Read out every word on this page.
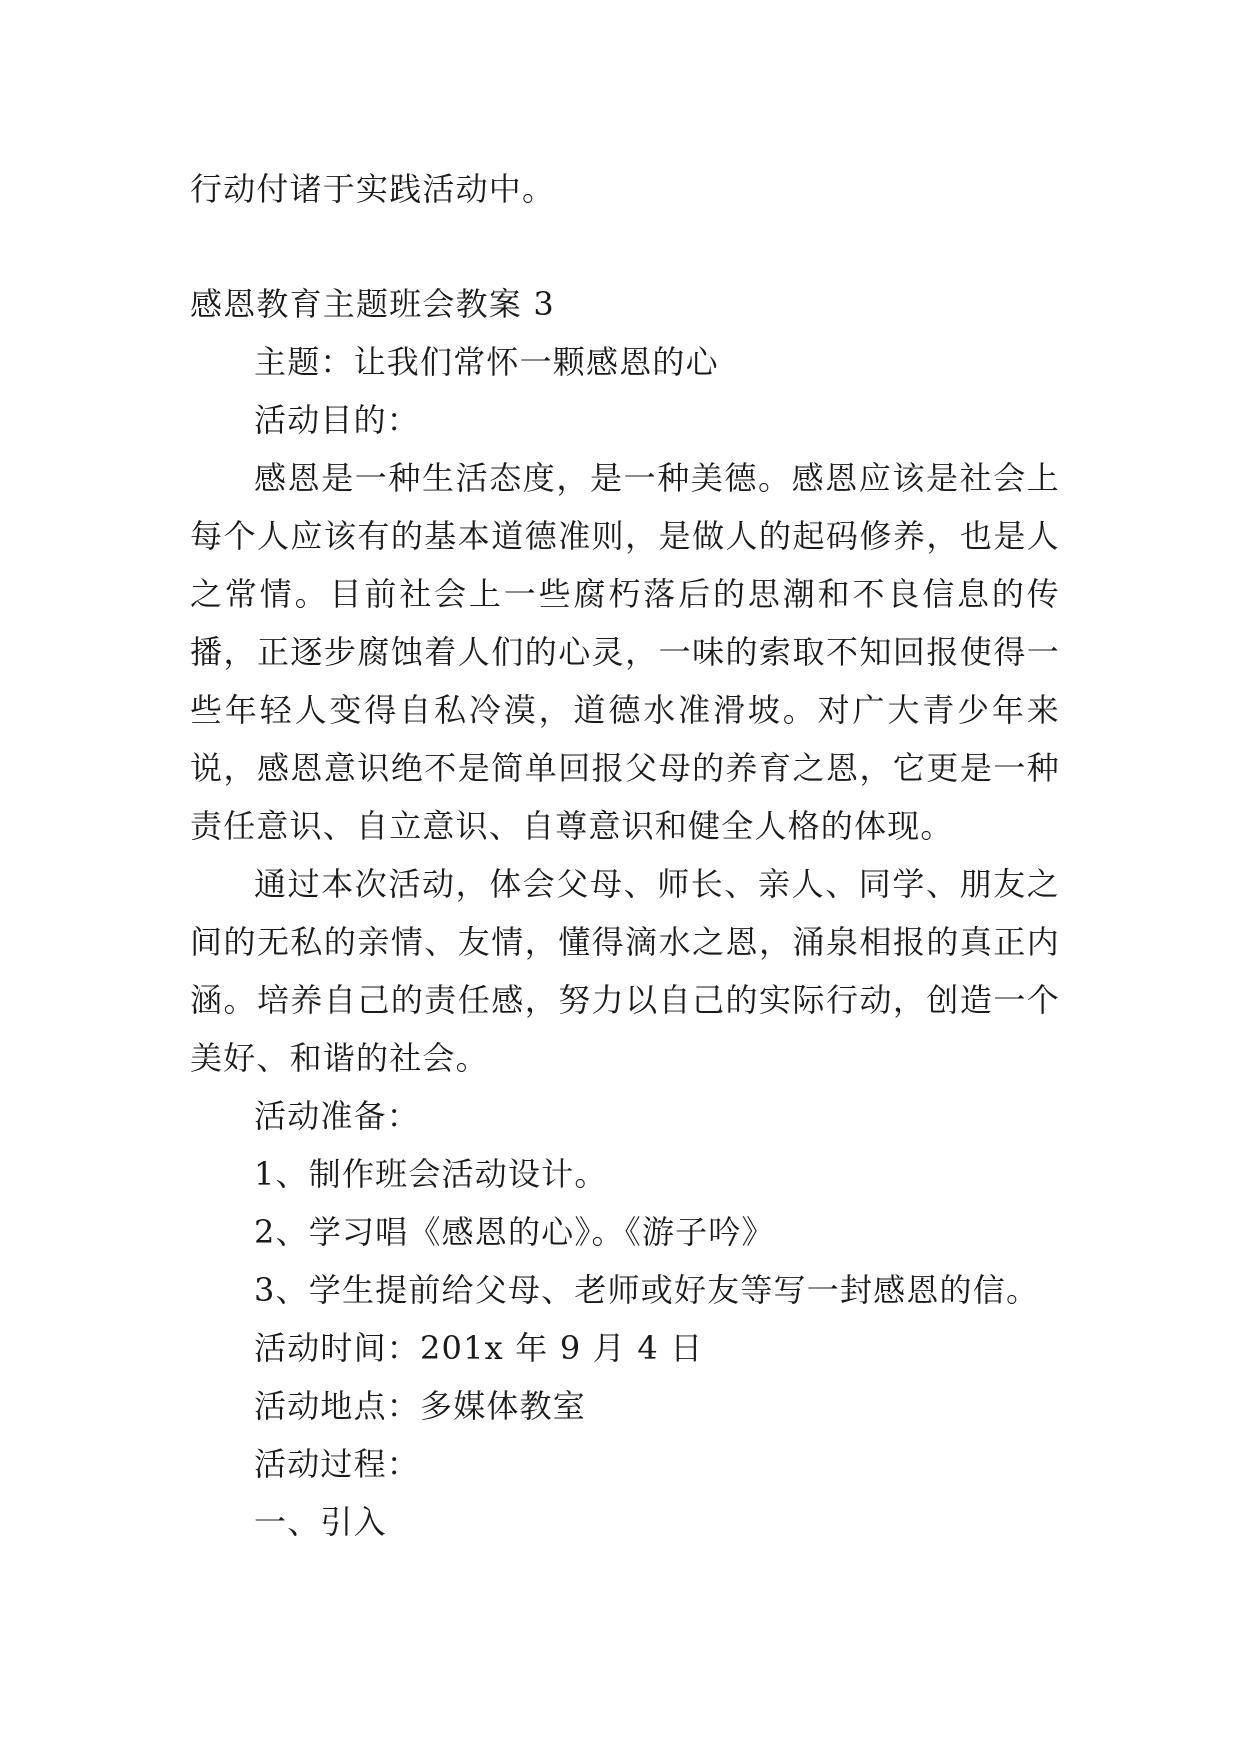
行动付诸于实践活动中。

感恩教育主题班会教案 3

主题：让我们常怀一颗感恩的心

活动目的：

感恩是一种生活态度，是一种美德。感恩应该是社会上每个人应该有的基本道德准则，是做人的起码修养，也是人之常情。目前社会上一些腐朽落后的思潮和不良信息的传播，正逐步腐蚀着人们的心灵，一味的索取不知回报使得一些年轻人变得自私冷漠，道德水准滑坡。对广大青少年来说，感恩意识绝不是简单回报父母的养育之恩，它更是一种责任意识、自立意识、自尊意识和健全人格的体现。

通过本次活动，体会父母、师长、亲人、同学、朋友之间的无私的亲情、友情，懂得滴水之恩，涌泉相报的真正内涵。培养自己的责任感，努力以自己的实际行动，创造一个美好、和谐的社会。

活动准备：

1、制作班会活动设计。

2、学习唱《感恩的心》。《游子吟》

3、学生提前给父母、老师或好友等写一封感恩的信。

活动时间：201x 年 9 月 4 日

活动地点：多媒体教室

活动过程：

一、引入
